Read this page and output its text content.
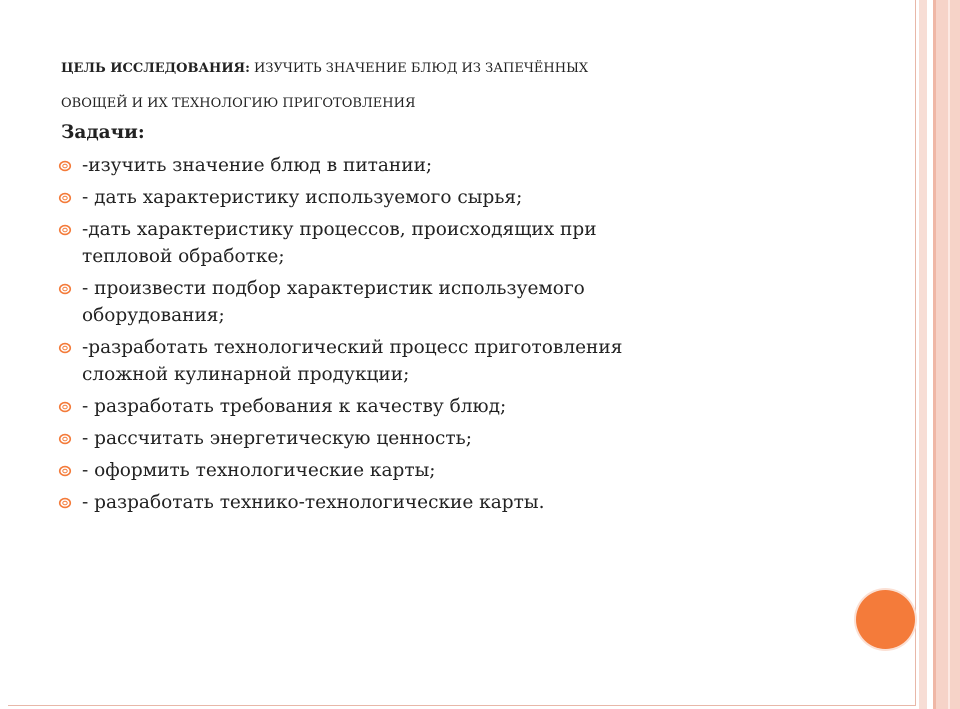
ЦЕЛЬ ИССЛЕДОВАНИЯ: ИЗУЧИТЬ ЗНАЧЕНИЕ БЛЮД ИЗ ЗАПЕЧЁННЫХ
ОВОЩЕЙ И ИХ ТЕХНОЛОГИЮ ПРИГОТОВЛЕНИЯ
Задачи:
-изучить значение блюд в питании;
- дать характеристику используемого сырья;
-дать характеристику процессов, происходящих при
тепловой обработке;
- произвести подбор характеристик используемого
оборудования;
-разработать технологический процесс приготовления
сложной кулинарной продукции;
- разработать требования к качеству блюд;
- рассчитать энергетическую ценность;
- оформить технологические карты;
- разработать технико-технологические карты.
